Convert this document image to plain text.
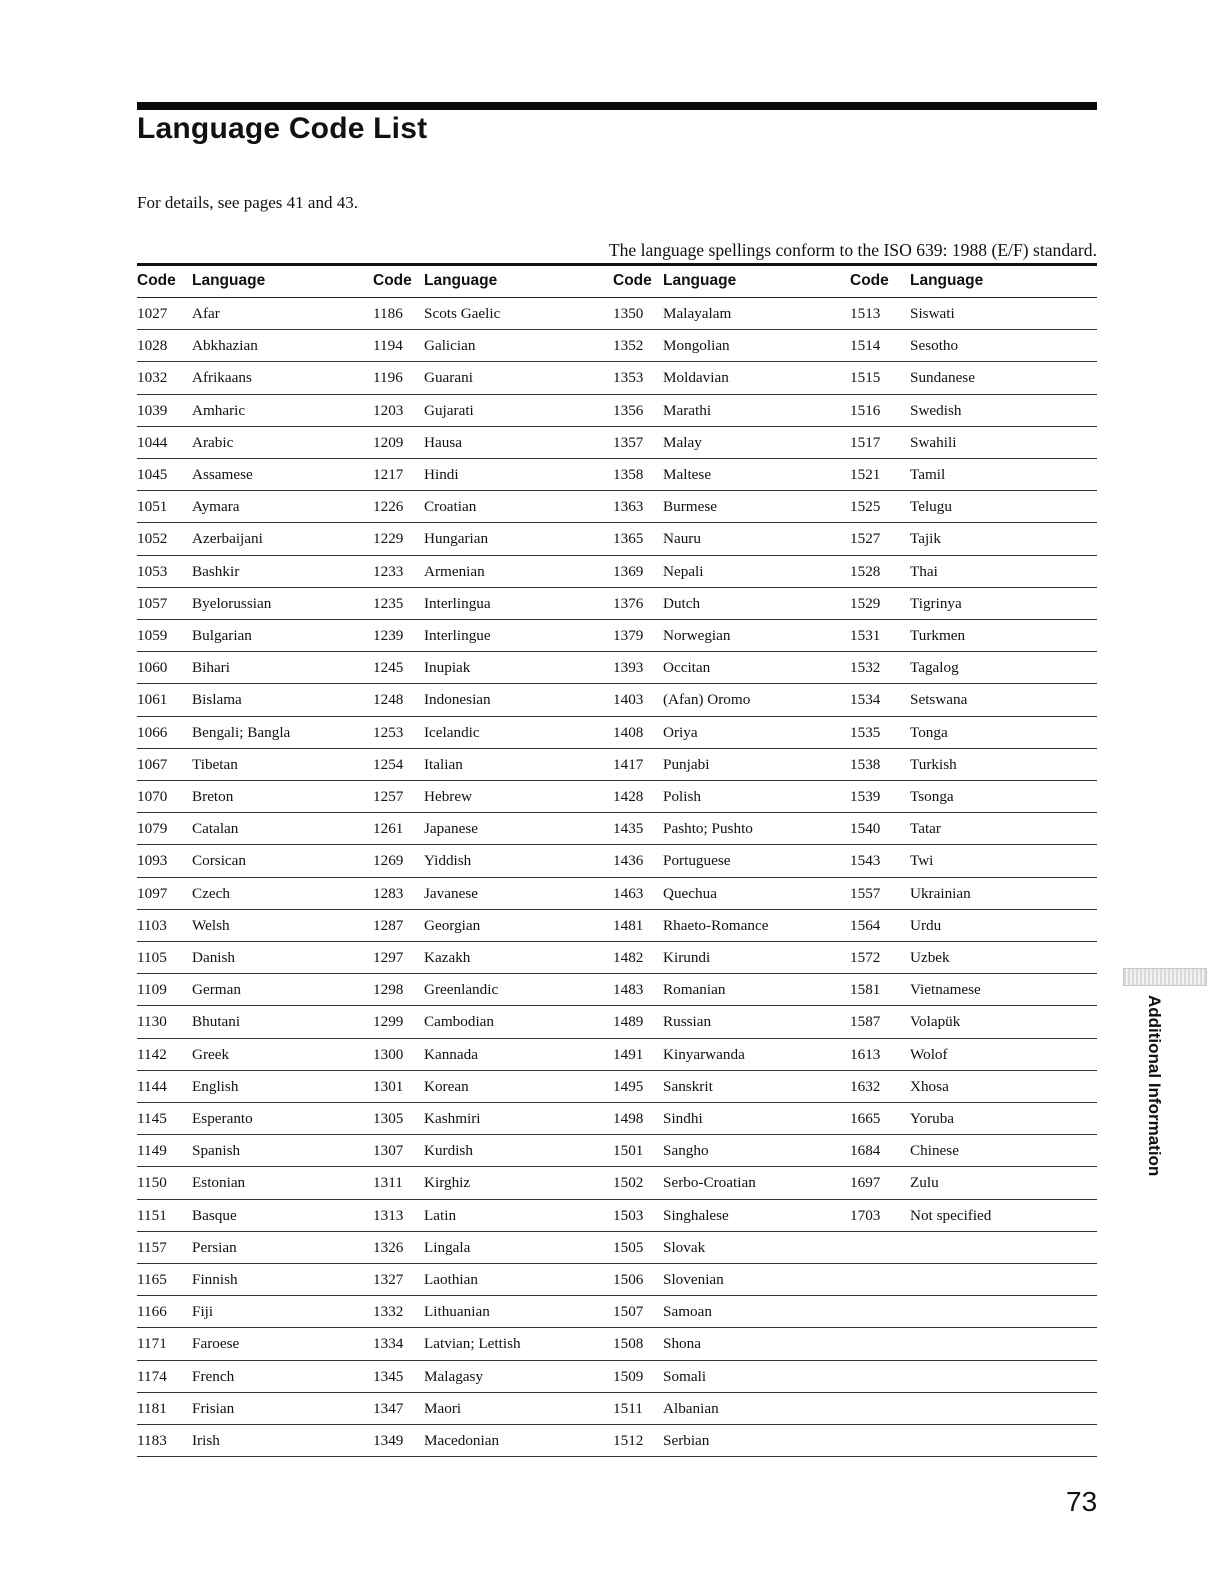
Language Code List
For details, see pages 41 and 43.
The language spellings conform to the ISO 639: 1988 (E/F) standard.
Code Language	Code Language	Code Language	Code Language
1027 Afar	1186 Scots Gaelic	1350 Malayalam	1513 Siswati
1028 Abkhazian	1194 Galician	1352 Mongolian	1514 Sesotho
1032 Afrikaans	1196 Guarani	1353 Moldavian	1515 Sundanese
1039 Amharic	1203 Gujarati	1356 Marathi	1516 Swedish
1044 Arabic	1209 Hausa	1357 Malay	1517 Swahili
1045 Assamese	1217 Hindi	1358 Maltese	1521 Tamil
1051 Aymara	1226 Croatian	1363 Burmese	1525 Telugu
1052 Azerbaijani	1229 Hungarian	1365 Nauru	1527 Tajik
1053 Bashkir	1233 Armenian	1369 Nepali	1528 Thai
1057 Byelorussian	1235 Interlingua	1376 Dutch	1529 Tigrinya
1059 Bulgarian	1239 Interlingue	1379 Norwegian	1531 Turkmen
1060 Bihari	1245 Inupiak	1393 Occitan	1532 Tagalog
1061 Bislama	1248 Indonesian	1403 (Afan) Oromo	1534 Setswana
1066 Bengali; Bangla	1253 Icelandic	1408 Oriya	1535 Tonga
1067 Tibetan	1254 Italian	1417 Punjabi	1538 Turkish
1070 Breton	1257 Hebrew	1428 Polish	1539 Tsonga
1079 Catalan	1261 Japanese	1435 Pashto; Pushto	1540 Tatar
1093 Corsican	1269 Yiddish	1436 Portuguese	1543 Twi
1097 Czech	1283 Javanese	1463 Quechua	1557 Ukrainian
1103 Welsh	1287 Georgian	1481 Rhaeto-Romance	1564 Urdu
1105 Danish	1297 Kazakh	1482 Kirundi	1572 Uzbek
1109 German	1298 Greenlandic	1483 Romanian	1581 Vietnamese
1130 Bhutani	1299 Cambodian	1489 Russian	1587 Volapük
1142 Greek	1300 Kannada	1491 Kinyarwanda	1613 Wolof
1144 English	1301 Korean	1495 Sanskrit	1632 Xhosa
1145 Esperanto	1305 Kashmiri	1498 Sindhi	1665 Yoruba
1149 Spanish	1307 Kurdish	1501 Sangho	1684 Chinese
1150 Estonian	1311 Kirghiz	1502 Serbo-Croatian	1697 Zulu
1151 Basque	1313 Latin	1503 Singhalese	1703 Not specified
1157 Persian	1326 Lingala	1505 Slovak
1165 Finnish	1327 Laothian	1506 Slovenian
1166 Fiji	1332 Lithuanian	1507 Samoan
1171 Faroese	1334 Latvian; Lettish	1508 Shona
1174 French	1345 Malagasy	1509 Somali
1181 Frisian	1347 Maori	1511 Albanian
1183 Irish	1349 Macedonian	1512 Serbian
Additional Information
73
